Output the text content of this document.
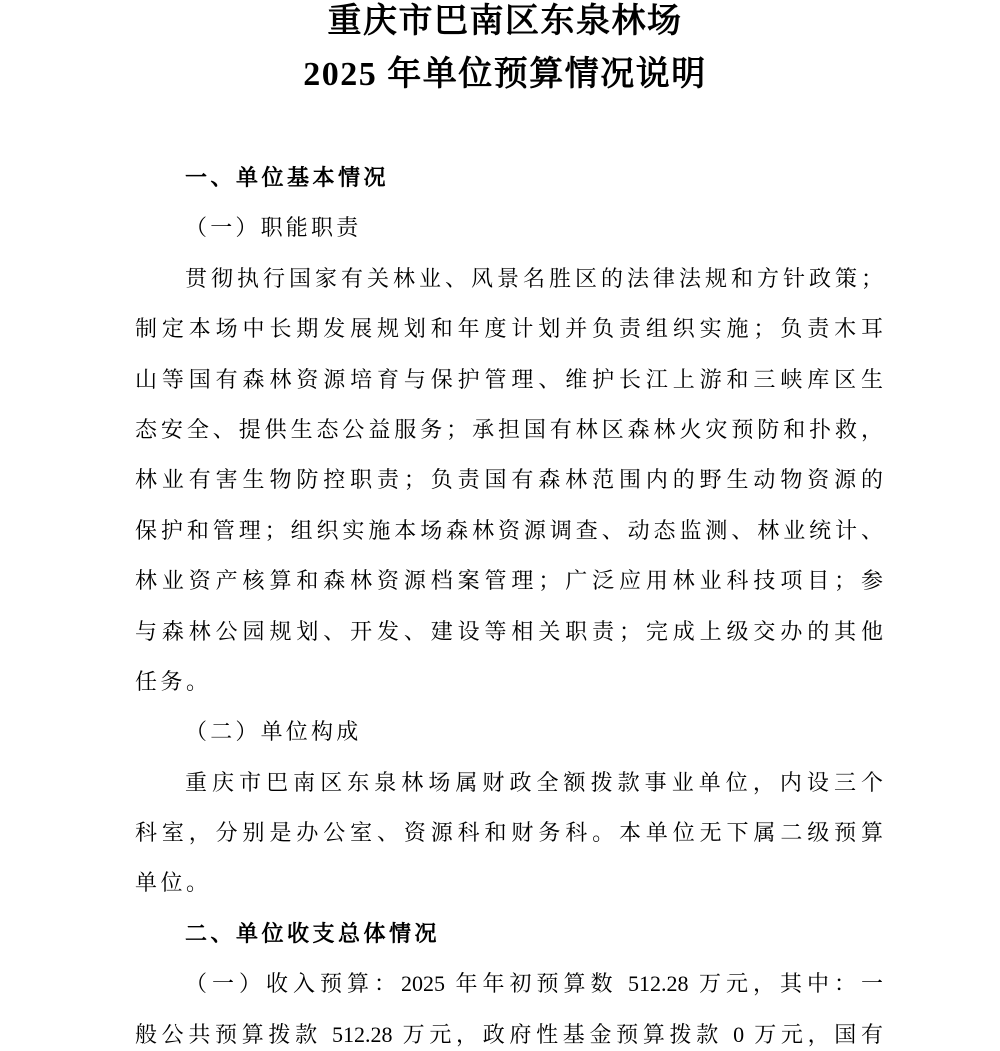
重庆市巴南区东泉林场
2025 年单位预算情况说明
一、单位基本情况
（一）职能职责
贯彻执行国家有关林业、风景名胜区的法律法规和方针政策；
制定本场中长期发展规划和年度计划并负责组织实施；负责木耳
山等国有森林资源培育与保护管理、维护长江上游和三峡库区生
态安全、提供生态公益服务；承担国有林区森林火灾预防和扑救，
林业有害生物防控职责；负责国有森林范围内的野生动物资源的
保护和管理；组织实施本场森林资源调查、动态监测、林业统计、
林业资产核算和森林资源档案管理；广泛应用林业科技项目；参
与森林公园规划、开发、建设等相关职责；完成上级交办的其他
任务。
（二）单位构成
重庆市巴南区东泉林场属财政全额拨款事业单位，内设三个
科室，分别是办公室、资源科和财务科。本单位无下属二级预算
单位。
二、单位收支总体情况
（一）收入预算：2025 年年初预算数 512.28 万元，其中：一
般公共预算拨款 512.28 万元，政府性基金预算拨款 0 万元，国有
